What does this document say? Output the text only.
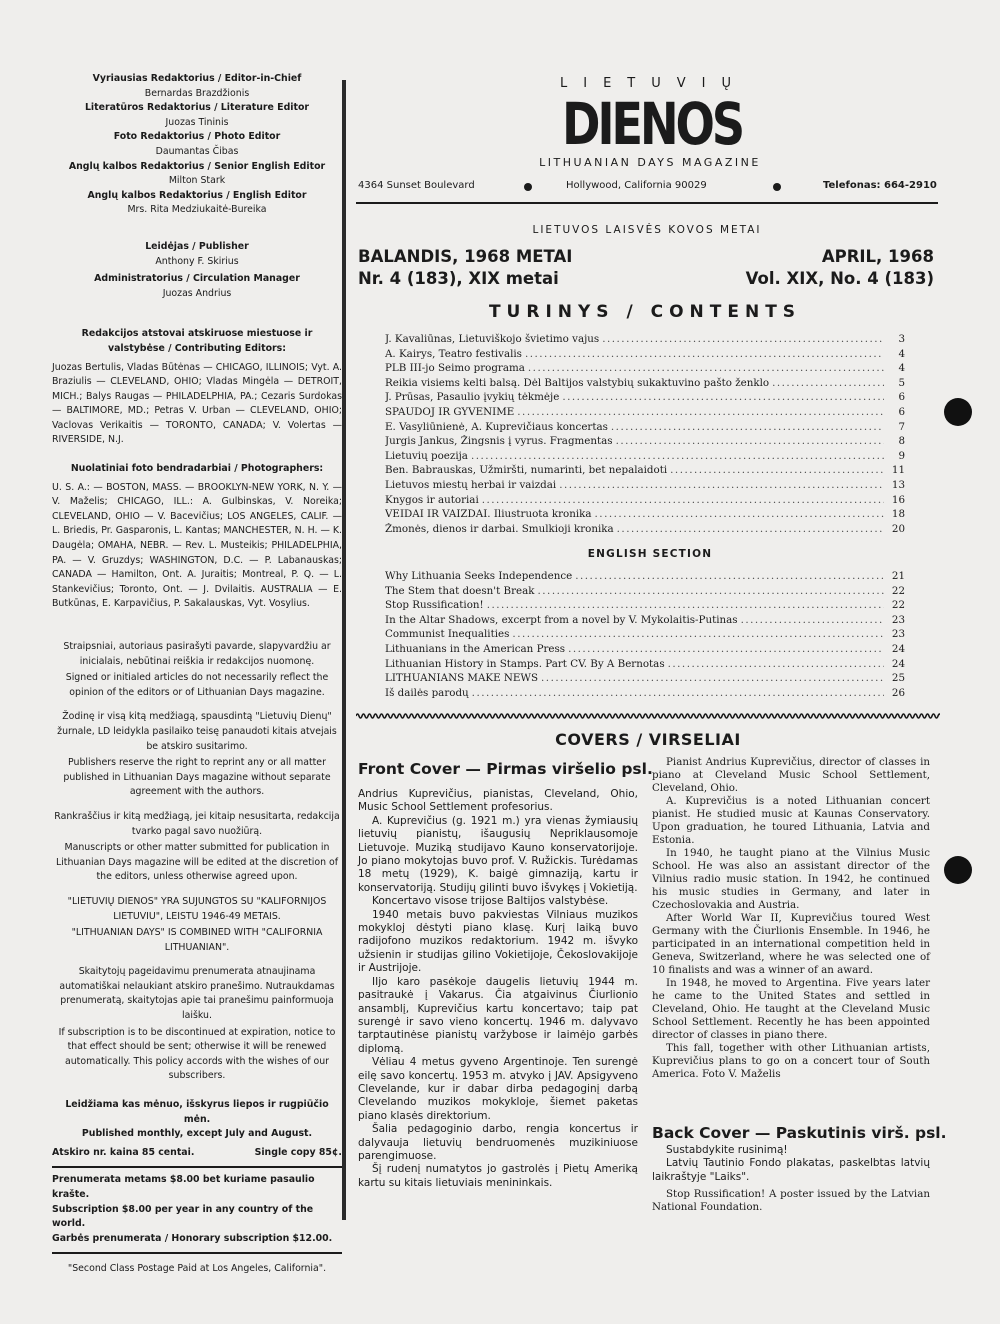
Vyriausias Redaktorius / Editor-in-Chief

Bernardas Brazdžionis

Literatūros Redaktorius / Literature Editor

Juozas Tininis

Foto Redaktorius / Photo Editor

Daumantas Čibas

Anglų kalbos Redaktorius / Senior English Editor

Milton Stark

Anglų kalbos Redaktorius / English Editor

Mrs. Rita Medziukaitė-Bureika

Leidėjas / Publisher

Anthony F. Skirius

Administratorius / Circulation Manager

Juozas Andrius

Redakcijos atstovai atskiruose miestuose ir valstybėse / Contributing Editors:

Juozas Bertulis, Vladas Būtėnas — CHICAGO, ILLINOIS; Vyt. A. Braziulis — CLEVELAND, OHIO; Vladas Mingėla — DETROIT, MICH.; Balys Raugas — PHILADELPHIA, PA.; Cezaris Surdokas — BALTIMORE, MD.; Petras V. Urban — CLEVELAND, OHIO; Vaclovas Verikaitis — TORONTO, CANADA; V. Volertas — RIVERSIDE, N.J.

Nuolatiniai foto bendradarbiai / Photographers:

U. S. A.: — BOSTON, MASS. — BROOKLYN-NEW YORK, N. Y. — V. Maželis; CHICAGO, ILL.: A. Gulbinskas, V. Noreika; CLEVELAND, OHIO — V. Bacevičius; LOS ANGELES, CALIF. — L. Briedis, Pr. Gasparonis, L. Kantas; MANCHESTER, N. H. — K. Daugėla; OMAHA, NEBR. — Rev. L. Musteikis; PHILADELPHIA, PA. — V. Gruzdys; WASHINGTON, D.C. — P. Labanauskas; CANADA — Hamilton, Ont. A. Juraitis; Montreal, P. Q. — L. Stankevičius; Toronto, Ont. — J. Dvilaitis. AUSTRALIA — E. Butkūnas, E. Karpavičius, P. Sakalauskas, Vyt. Vosylius.

Straipsniai, autoriaus pasirašyti pavarde, slapyvardžiu ar inicialais, nebūtinai reiškia ir redakcijos nuomonę.

Signed or initialed articles do not necessarily reflect the opinion of the editors or of Lithuanian Days magazine.

Žodinę ir visą kitą medžiagą, spausdintą "Lietuvių Dienų" žurnale, LD leidykla pasilaiko teisę panaudoti kitais atvejais be atskiro susitarimo.

Publishers reserve the right to reprint any or all matter published in Lithuanian Days magazine without separate agreement with the authors.

Rankraščius ir kitą medžiagą, jei kitaip nesusitarta, redakcija tvarko pagal savo nuožiūrą.

Manuscripts or other matter submitted for publication in Lithuanian Days magazine will be edited at the discretion of the editors, unless otherwise agreed upon.

"LIETUVIŲ DIENOS" YRA SUJUNGTOS SU "KALIFORNIJOS LIETUVIU", LEISTU 1946-49 METAIS.

"LITHUANIAN DAYS" IS COMBINED WITH "CALIFORNIA LITHUANIAN".

Skaitytojų pageidavimu prenumerata atnaujinama automatiškai nelaukiant atskiro pranešimo. Nutraukdamas prenumeratą, skaitytojas apie tai pranešimu painformuoja laišku.

If subscription is to be discontinued at expiration, notice to that effect should be sent; otherwise it will be renewed automatically. This policy accords with the wishes of our subscribers.

Leidžiama kas mėnuo, išskyrus liepos ir rugpiūčio mėn.

Published monthly, except July and August.

Atskiro nr. kaina 85 centai.	Single copy 85¢.

Prenumerata metams $8.00 bet kuriame pasaulio krašte.

Subscription $8.00 per year in any country of the world.

Garbės prenumerata / Honorary subscription $12.00.

"Second Class Postage Paid at Los Angeles, California".

LIETUVIŲ
DIENOS
LITHUANIAN DAYS MAGAZINE
4364 Sunset Boulevard	Hollywood, California 90029	Telefonas: 664-2910
LIETUVOS LAISVĖS KOVOS METAI
BALANDIS, 1968 METAI
Nr. 4 (183), XIX metai
APRIL, 1968
Vol. XIX, No. 4 (183)
TURINYS / CONTENTS
J. Kavaliūnas, Lietuviškojo švietimo vajus .....	3
A. Kairys, Teatro festivalis .....	4
PLB III-jo Seimo programa .....	4
Reikia visiems kelti balsą. Dėl Baltijos valstybių sukaktuvino pašto ženklo .....	5
J. Prūsas, Pasaulio įvykių tėkmėje .....	6
SPAUDOJ IR GYVENIME .....	6
E. Vasyliūnienė, A. Kuprevičiaus koncertas .....	7
Jurgis Jankus, Žingsnis į vyrus. Fragmentas .....	8
Lietuvių poezija .....	9
Ben. Babrauskas, Užmiršti, numarinti, bet nepalaidoti .....	11
Lietuvos miestų herbai ir vaizdai .....	13
Knygos ir autoriai .....	16
VEIDAI IR VAIZDAI. Iliustruota kronika .....	18
Žmonės, dienos ir darbai. Smulkioji kronika .....	20
ENGLISH SECTION
Why Lithuania Seeks Independence .....	21
The Stem that doesn't Break .....	22
Stop Russification! .....	22
In the Altar Shadows, excerpt from a novel by V. Mykolaitis-Putinas .....	23
Communist Inequalities .....	23
Lithuanians in the American Press .....	24
Lithuanian History in Stamps. Part CV. By A Bernotas .....	24
LITHUANIANS MAKE NEWS .....	25
Iš dailės parodų .....	26
COVERS / VIRSELIAI
Front Cover — Pirmas viršelio psl.

Andrius Kuprevičius, pianistas, Cleveland, Ohio, Music School Settlement profesorius.

A. Kuprevičius (g. 1921 m.) yra vienas žymiausių lietuvių pianistų, išaugusių Nepriklausomoje Lietuvoje. Muziką studijavo Kauno konservatorijoje. Jo piano mokytojas buvo prof. V. Ružickis. Turėdamas 18 metų (1929), K. baigė gimnaziją, kartu ir konservatoriją. Studijų gilinti buvo išvykęs į Vokietiją.

Koncertavo visose trijose Baltijos valstybėse.

1940 metais buvo pakviestas Vilniaus muzikos mokykloj dėstyti piano klasę. Kurį laiką buvo radijofono muzikos redaktorium. 1942 m. išvyko užsienin ir studijas gilino Vokietijoje, Čekoslovakijoje ir Austrijoje.

IIjo karo pasėkoje daugelis lietuvių 1944 m. pasitraukė į Vakarus. Čia atgaivinus Čiurlionio ansamblį, Kuprevičius kartu koncertavo; taip pat surengė ir savo vieno koncertų. 1946 m. dalyvavo tarptautinėse pianistų varžybose ir laimėjo garbės diplomą.

Vėliau 4 metus gyveno Argentinoje. Ten surengė eilę savo koncertų. 1953 m. atvyko į JAV. Apsigyveno Clevelande, kur ir dabar dirba pedagoginį darbą Clevelando muzikos mokykloje, šiemet paketas piano klasės direktorium.

Šalia pedagoginio darbo, rengia koncertus ir dalyvauja lietuvių bendruomenės muzikiniuose parengimuose.

Šį rudenį numatytos jo gastrolės į Pietų Ameriką kartu su kitais lietuviais menininkais.

Pianist Andrius Kuprevičius, director of classes in piano at Cleveland Music School Settlement, Cleveland, Ohio.

A. Kuprevičius is a noted Lithuanian concert pianist. He studied music at Kaunas Conservatory. Upon graduation, he toured Lithuania, Latvia and Estonia.

In 1940, he taught piano at the Vilnius Music School. He was also an assistant director of the Vilnius radio music station. In 1942, he continued his music studies in Germany, and later in Czechoslovakia and Austria.

After World War II, Kuprevičius toured West Germany with the Čiurlionis Ensemble. In 1946, he participated in an international competition held in Geneva, Switzerland, where he was selected one of 10 finalists and was a winner of an award.

In 1948, he moved to Argentina. Five years later he came to the United States and settled in Cleveland, Ohio. He taught at the Cleveland Music School Settlement. Recently he has been appointed director of classes in piano there.

This fall, together with other Lithuanian artists, Kuprevičius plans to go on a concert tour of South America. Foto V. Maželis

Back Cover — Paskutinis virš. psl.

Sustabdykite rusinimą!

Latvių Tautinio Fondo plakatas, paskelbtas latvių laikraštyje "Laiks".

Stop Russification! A poster issued by the Latvian National Foundation.
